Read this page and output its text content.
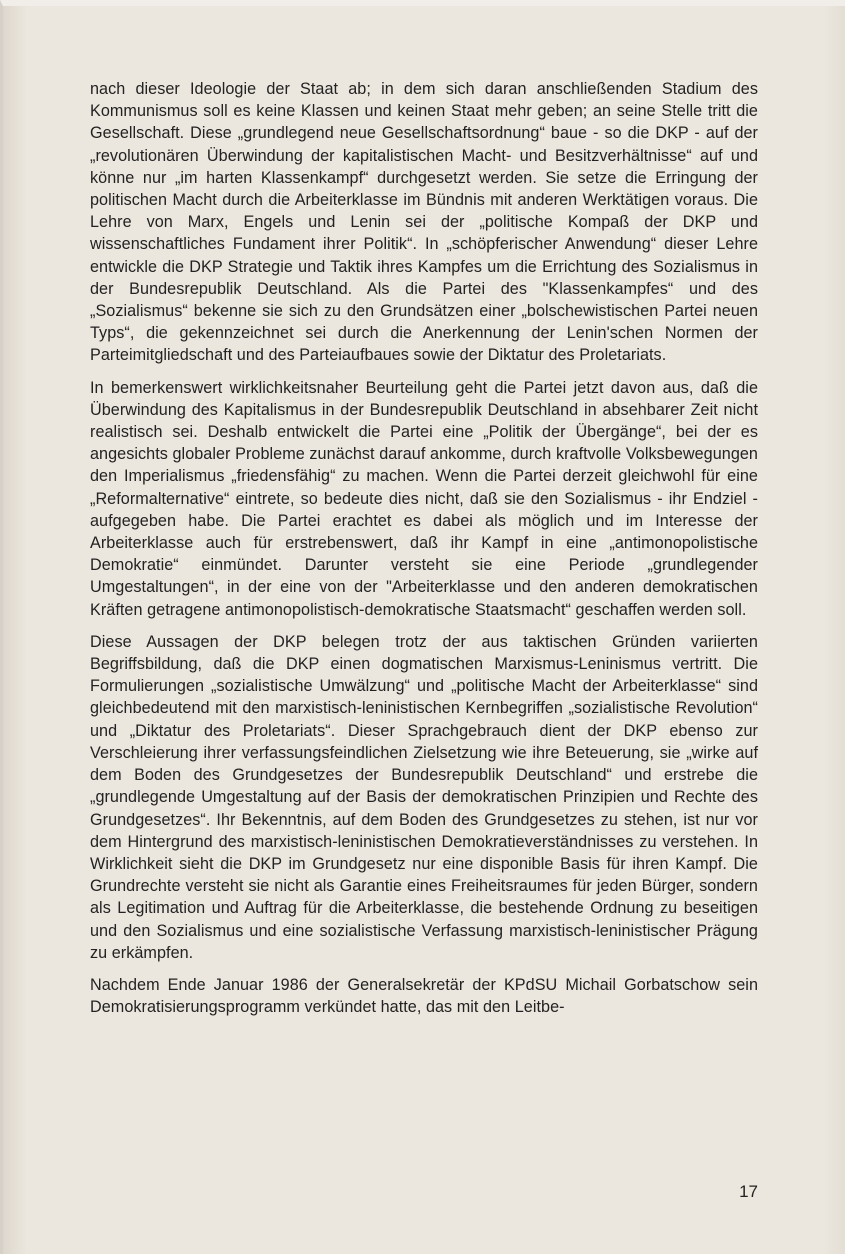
nach dieser Ideologie der Staat ab; in dem sich daran anschließenden Stadium des Kommunismus soll es keine Klassen und keinen Staat mehr geben; an seine Stelle tritt die Gesellschaft. Diese „grundlegend neue Gesellschaftsordnung“ baue - so die DKP - auf der „revolutionären Überwindung der kapitalistischen Macht- und Besitzverhältnisse“ auf und könne nur „im harten Klassenkampf“ durchgesetzt werden. Sie setze die Erringung der politischen Macht durch die Arbeiterklasse im Bündnis mit anderen Werktätigen voraus. Die Lehre von Marx, Engels und Lenin sei der „politische Kompaß der DKP und wissenschaftliches Fundament ihrer Politik“. In „schöpferischer Anwendung“ dieser Lehre entwickle die DKP Strategie und Taktik ihres Kampfes um die Errichtung des Sozialismus in der Bundesrepublik Deutschland. Als die Partei des "Klassenkampfes“ und des „Sozialismus“ bekenne sie sich zu den Grundsätzen einer „bolschewistischen Partei neuen Typs“, die gekennzeichnet sei durch die Anerkennung der Lenin'schen Normen der Parteimitgliedschaft und des Parteiaufbaues sowie der Diktatur des Proletariats.

In bemerkenswert wirklichkeitsnaher Beurteilung geht die Partei jetzt davon aus, daß die Überwindung des Kapitalismus in der Bundesrepublik Deutschland in absehbarer Zeit nicht realistisch sei. Deshalb entwickelt die Partei eine „Politik der Übergänge“, bei der es angesichts globaler Probleme zunächst darauf ankomme, durch kraftvolle Volksbewegungen den Imperialismus „friedensfähig“ zu machen. Wenn die Partei derzeit gleichwohl für eine „Reformalternative“ eintrete, so bedeute dies nicht, daß sie den Sozialismus - ihr Endziel - aufgegeben habe. Die Partei erachtet es dabei als möglich und im Interesse der Arbeiterklasse auch für erstrebenswert, daß ihr Kampf in eine „antimonopolistische Demokratie“ einmündet. Darunter versteht sie eine Periode „grundlegender Umgestaltungen“, in der eine von der "Arbeiterklasse und den anderen demokratischen Kräften getragene antimonopolistisch-demokratische Staatsmacht“ geschaffen werden soll.

Diese Aussagen der DKP belegen trotz der aus taktischen Gründen variierten Begriffsbildung, daß die DKP einen dogmatischen Marxismus-Leninismus vertritt. Die Formulierungen „sozialistische Umwälzung“ und „politische Macht der Arbeiterklasse“ sind gleichbedeutend mit den marxistisch-leninistischen Kernbegriffen „sozialistische Revolution“ und „Diktatur des Proletariats“. Dieser Sprachgebrauch dient der DKP ebenso zur Verschleierung ihrer verfassungsfeindlichen Zielsetzung wie ihre Beteuerung, sie „wirke auf dem Boden des Grundgesetzes der Bundesrepublik Deutschland“ und erstrebe die „grundlegende Umgestaltung auf der Basis der demokratischen Prinzipien und Rechte des Grundgesetzes“. Ihr Bekenntnis, auf dem Boden des Grundgesetzes zu stehen, ist nur vor dem Hintergrund des marxistisch-leninistischen Demokratieverständnisses zu verstehen. In Wirklichkeit sieht die DKP im Grundgesetz nur eine disponible Basis für ihren Kampf. Die Grundrechte versteht sie nicht als Garantie eines Freiheitsraumes für jeden Bürger, sondern als Legitimation und Auftrag für die Arbeiterklasse, die bestehende Ordnung zu beseitigen und den Sozialismus und eine sozialistische Verfassung marxistisch-leninistischer Prägung zu erkämpfen.

Nachdem Ende Januar 1986 der Generalsekretär der KPdSU Michail Gorbatschow sein Demokratisierungsprogramm verkündet hatte, das mit den Leitbe-

17
